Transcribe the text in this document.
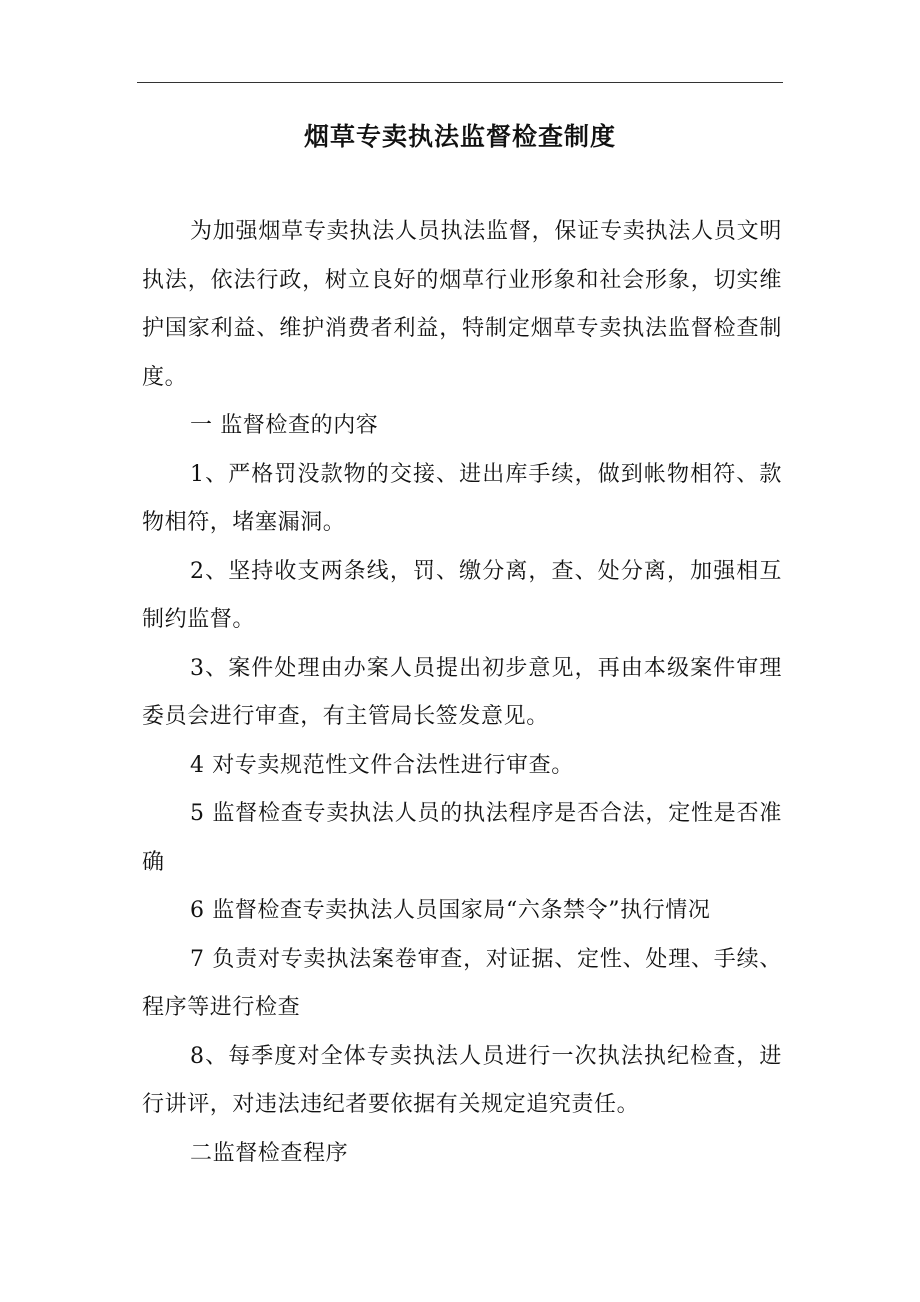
烟草专卖执法监督检查制度

为加强烟草专卖执法人员执法监督，保证专卖执法人员文明执法，依法行政，树立良好的烟草行业形象和社会形象，切实维护国家利益、维护消费者利益，特制定烟草专卖执法监督检查制度。

一 监督检查的内容

1、严格罚没款物的交接、进出库手续，做到帐物相符、款物相符，堵塞漏洞。

2、坚持收支两条线，罚、缴分离，查、处分离，加强相互制约监督。

3、案件处理由办案人员提出初步意见，再由本级案件审理委员会进行审查，有主管局长签发意见。

4 对专卖规范性文件合法性进行审查。

5 监督检查专卖执法人员的执法程序是否合法，定性是否准确

6 监督检查专卖执法人员国家局“六条禁令”执行情况

7 负责对专卖执法案卷审查，对证据、定性、处理、手续、程序等进行检查

8、每季度对全体专卖执法人员进行一次执法执纪检查，进行讲评，对违法违纪者要依据有关规定追究责任。

二监督检查程序
